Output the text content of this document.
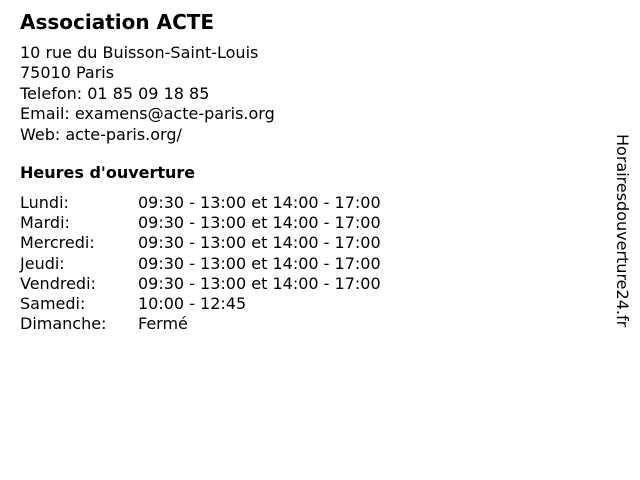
Association ACTE
10 rue du Buisson-Saint-Louis
75010 Paris
Telefon: 01 85 09 18 85
Email: examens@acte-paris.org
Web: acte-paris.org/
Heures d'ouverture
Lundi:	09:30 - 13:00 et 14:00 - 17:00
Mardi:	09:30 - 13:00 et 14:00 - 17:00
Mercredi:	09:30 - 13:00 et 14:00 - 17:00
Jeudi:	09:30 - 13:00 et 14:00 - 17:00
Vendredi:	09:30 - 13:00 et 14:00 - 17:00
Samedi:	10:00 - 12:45
Dimanche:	Fermé	Horairesdouverture24.fr
